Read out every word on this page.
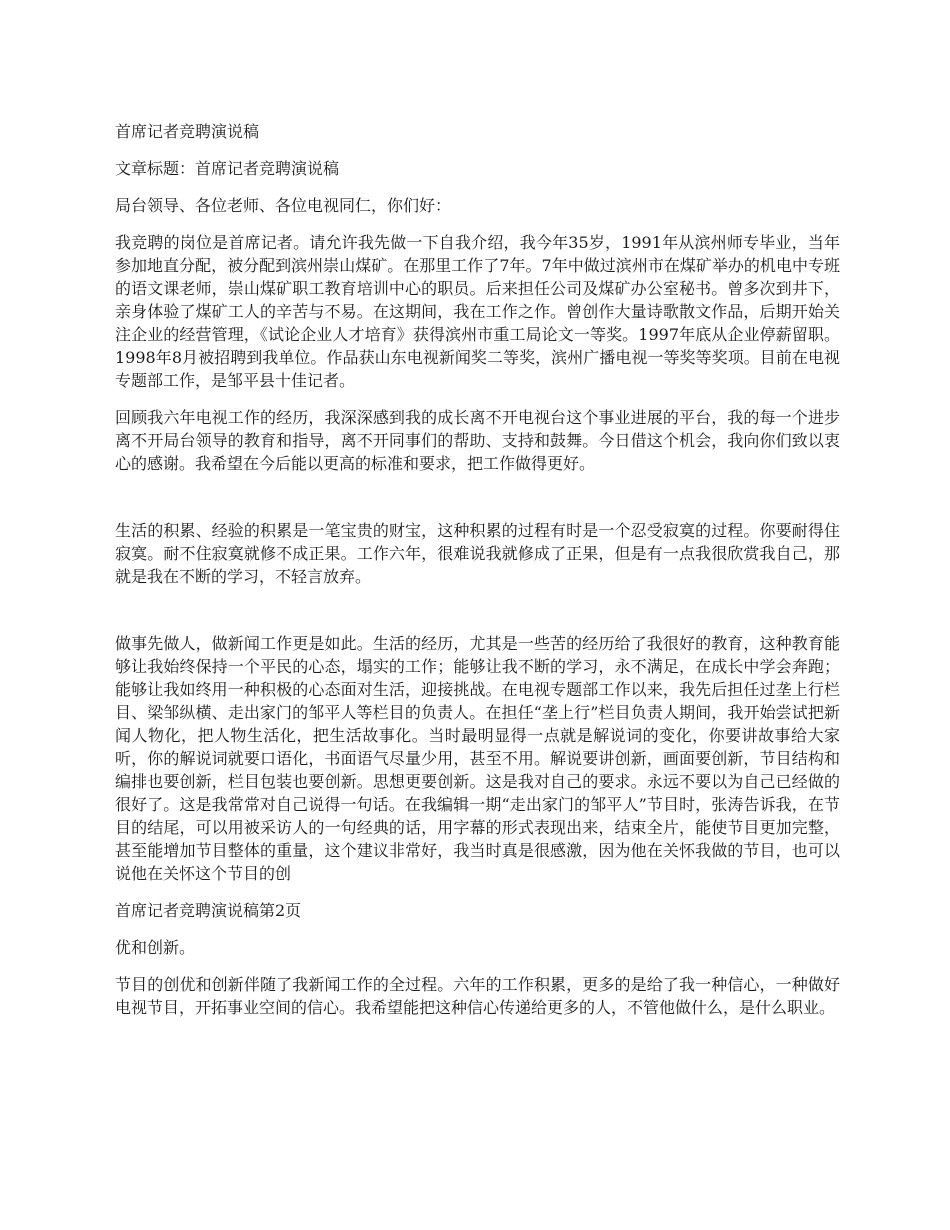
首席记者竞聘演说稿

文章标题：首席记者竞聘演说稿

局台领导、各位老师、各位电视同仁，你们好：

我竞聘的岗位是首席记者。请允许我先做一下自我介绍，我今年35岁，1991年从滨州师专毕业，当年参加地直分配，被分配到滨州崇山煤矿。在那里工作了7年。7年中做过滨州市在煤矿举办的机电中专班的语文课老师，崇山煤矿职工教育培训中心的职员。后来担任公司及煤矿办公室秘书。曾多次到井下，亲身体验了煤矿工人的辛苦与不易。在这期间，我在工作之作。曾创作大量诗歌散文作品，后期开始关注企业的经营管理，《试论企业人才培育》获得滨州市重工局论文一等奖。1997年底从企业停薪留职。1998年8月被招聘到我单位。作品获山东电视新闻奖二等奖，滨州广播电视一等奖等奖项。目前在电视专题部工作，是邹平县十佳记者。

回顾我六年电视工作的经历，我深深感到我的成长离不开电视台这个事业进展的平台，我的每一个进步离不开局台领导的教育和指导，离不开同事们的帮助、支持和鼓舞。今日借这个机会，我向你们致以衷心的感谢。我希望在今后能以更高的标准和要求，把工作做得更好。

生活的积累、经验的积累是一笔宝贵的财宝，这种积累的过程有时是一个忍受寂寞的过程。你要耐得住寂寞。耐不住寂寞就修不成正果。工作六年，很难说我就修成了正果，但是有一点我很欣赏我自己，那就是我在不断的学习，不轻言放弃。

做事先做人，做新闻工作更是如此。生活的经历，尤其是一些苦的经历给了我很好的教育，这种教育能够让我始终保持一个平民的心态，塌实的工作；能够让我不断的学习，永不满足，在成长中学会奔跑；能够让我如终用一种积极的心态面对生活，迎接挑战。在电视专题部工作以来，我先后担任过垄上行栏目、梁邹纵横、走出家门的邹平人等栏目的负责人。在担任“垄上行”栏目负责人期间，我开始尝试把新闻人物化，把人物生活化，把生活故事化。当时最明显得一点就是解说词的变化，你要讲故事给大家听，你的解说词就要口语化，书面语气尽量少用，甚至不用。解说要讲创新，画面要创新，节目结构和编排也要创新，栏目包装也要创新。思想更要创新。这是我对自己的要求。永远不要以为自己已经做的很好了。这是我常常对自己说得一句话。在我编辑一期“走出家门的邹平人”节目时，张涛告诉我，在节目的结尾，可以用被采访人的一句经典的话，用字幕的形式表现出来，结束全片，能使节目更加完整，甚至能增加节目整体的重量，这个建议非常好，我当时真是很感激，因为他在关怀我做的节目，也可以说他在关怀这个节目的创

首席记者竞聘演说稿第2页

优和创新。

节目的创优和创新伴随了我新闻工作的全过程。六年的工作积累，更多的是给了我一种信心，一种做好电视节目，开拓事业空间的信心。我希望能把这种信心传递给更多的人，不管他做什么，是什么职业。
